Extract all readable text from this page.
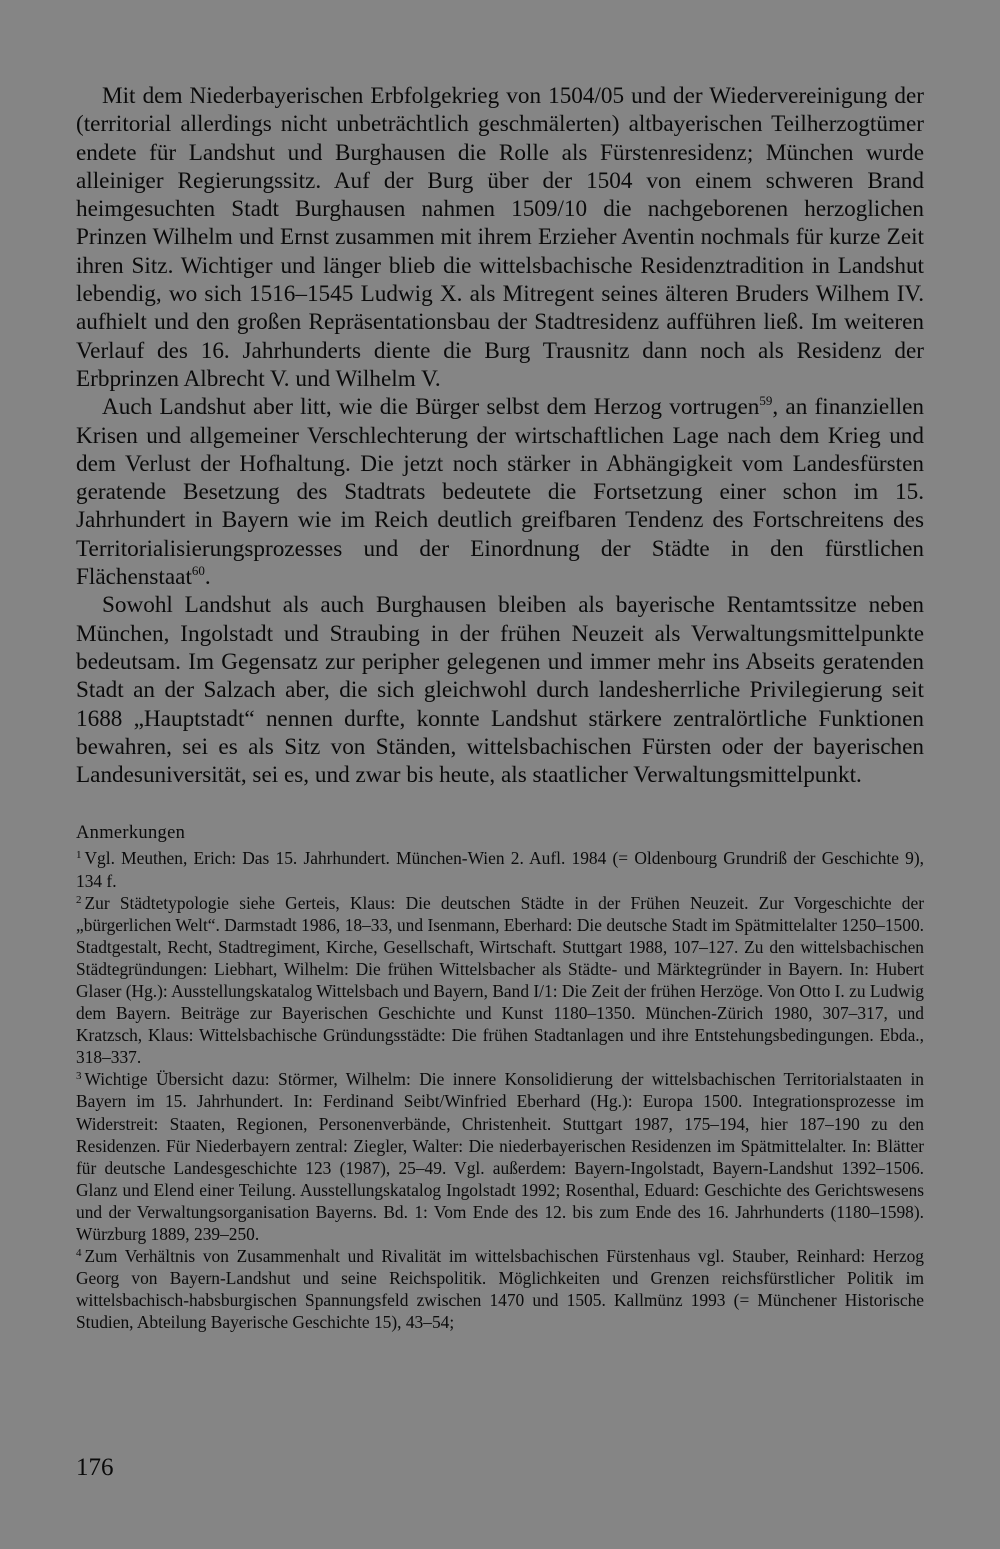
Mit dem Niederbayerischen Erbfolgekrieg von 1504/05 und der Wiedervereinigung der (territorial allerdings nicht unbeträchtlich geschmälerten) altbayerischen Teilherzogtümer endete für Landshut und Burghausen die Rolle als Fürstenresidenz; München wurde alleiniger Regierungssitz. Auf der Burg über der 1504 von einem schweren Brand heimgesuchten Stadt Burghausen nahmen 1509/10 die nachgeborenen herzoglichen Prinzen Wilhelm und Ernst zusammen mit ihrem Erzieher Aventin nochmals für kurze Zeit ihren Sitz. Wichtiger und länger blieb die wittelsbachische Residenztradition in Landshut lebendig, wo sich 1516–1545 Ludwig X. als Mitregent seines älteren Bruders Wilhem IV. aufhielt und den großen Repräsentationsbau der Stadtresidenz aufführen ließ. Im weiteren Verlauf des 16. Jahrhunderts diente die Burg Trausnitz dann noch als Residenz der Erbprinzen Albrecht V. und Wilhelm V.

Auch Landshut aber litt, wie die Bürger selbst dem Herzog vortrugen$^{59}$, an finanziellen Krisen und allgemeiner Verschlechterung der wirtschaftlichen Lage nach dem Krieg und dem Verlust der Hofhaltung. Die jetzt noch stärker in Abhängigkeit vom Landesfürsten geratende Besetzung des Stadtrats bedeutete die Fortsetzung einer schon im 15. Jahrhundert in Bayern wie im Reich deutlich greifbaren Tendenz des Fortschreitens des Territorialisierungsprozesses und der Einordnung der Städte in den fürstlichen Flächenstaat$^{60}$.

Sowohl Landshut als auch Burghausen bleiben als bayerische Rentamtssitze neben München, Ingolstadt und Straubing in der frühen Neuzeit als Verwaltungsmittelpunkte bedeutsam. Im Gegensatz zur peripher gelegenen und immer mehr ins Abseits geratenden Stadt an der Salzach aber, die sich gleichwohl durch landesherrliche Privilegierung seit 1688 „Hauptstadt“ nennen durfte, konnte Landshut stärkere zentralörtliche Funktionen bewahren, sei es als Sitz von Ständen, wittelsbachischen Fürsten oder der bayerischen Landesuniversität, sei es, und zwar bis heute, als staatlicher Verwaltungsmittelpunkt.

Anmerkungen

$^1$ Vgl. Meuthen, Erich: Das 15. Jahrhundert. München-Wien 2. Aufl. 1984 (= Oldenbourg Grundriß der Geschichte 9), 134 f.

$^2$ Zur Städtetypologie siehe Gerteis, Klaus: Die deutschen Städte in der Frühen Neuzeit. Zur Vorgeschichte der „bürgerlichen Welt“. Darmstadt 1986, 18–33, und Isenmann, Eberhard: Die deutsche Stadt im Spätmittelalter 1250–1500. Stadtgestalt, Recht, Stadtregiment, Kirche, Gesellschaft, Wirtschaft. Stuttgart 1988, 107–127. Zu den wittelsbachischen Städtegründungen: Liebhart, Wilhelm: Die frühen Wittelsbacher als Städte- und Märktegründer in Bayern. In: Hubert Glaser (Hg.): Ausstellungskatalog Wittelsbach und Bayern, Band I/1: Die Zeit der frühen Herzöge. Von Otto I. zu Ludwig dem Bayern. Beiträge zur Bayerischen Geschichte und Kunst 1180–1350. München-Zürich 1980, 307–317, und Kratzsch, Klaus: Wittelsbachische Gründungsstädte: Die frühen Stadtanlagen und ihre Entstehungsbedingungen. Ebda., 318–337.

$^3$ Wichtige Übersicht dazu: Störmer, Wilhelm: Die innere Konsolidierung der wittelsbachischen Territorialstaaten in Bayern im 15. Jahrhundert. In: Ferdinand Seibt/Winfried Eberhard (Hg.): Europa 1500. Integrationsprozesse im Widerstreit: Staaten, Regionen, Personenverbände, Christenheit. Stuttgart 1987, 175–194, hier 187–190 zu den Residenzen. Für Niederbayern zentral: Ziegler, Walter: Die niederbayerischen Residenzen im Spätmittelalter. In: Blätter für deutsche Landesgeschichte 123 (1987), 25–49. Vgl. außerdem: Bayern-Ingolstadt, Bayern-Landshut 1392–1506. Glanz und Elend einer Teilung. Ausstellungskatalog Ingolstadt 1992; Rosenthal, Eduard: Geschichte des Gerichtswesens und der Verwaltungsorganisation Bayerns. Bd. 1: Vom Ende des 12. bis zum Ende des 16. Jahrhunderts (1180–1598). Würzburg 1889, 239–250.

$^4$ Zum Verhältnis von Zusammenhalt und Rivalität im wittelsbachischen Fürstenhaus vgl. Stauber, Reinhard: Herzog Georg von Bayern-Landshut und seine Reichspolitik. Möglichkeiten und Grenzen reichsfürstlicher Politik im wittelsbachisch-habsburgischen Spannungsfeld zwischen 1470 und 1505. Kallmünz 1993 (= Münchener Historische Studien, Abteilung Bayerische Geschichte 15), 43–54;

176
